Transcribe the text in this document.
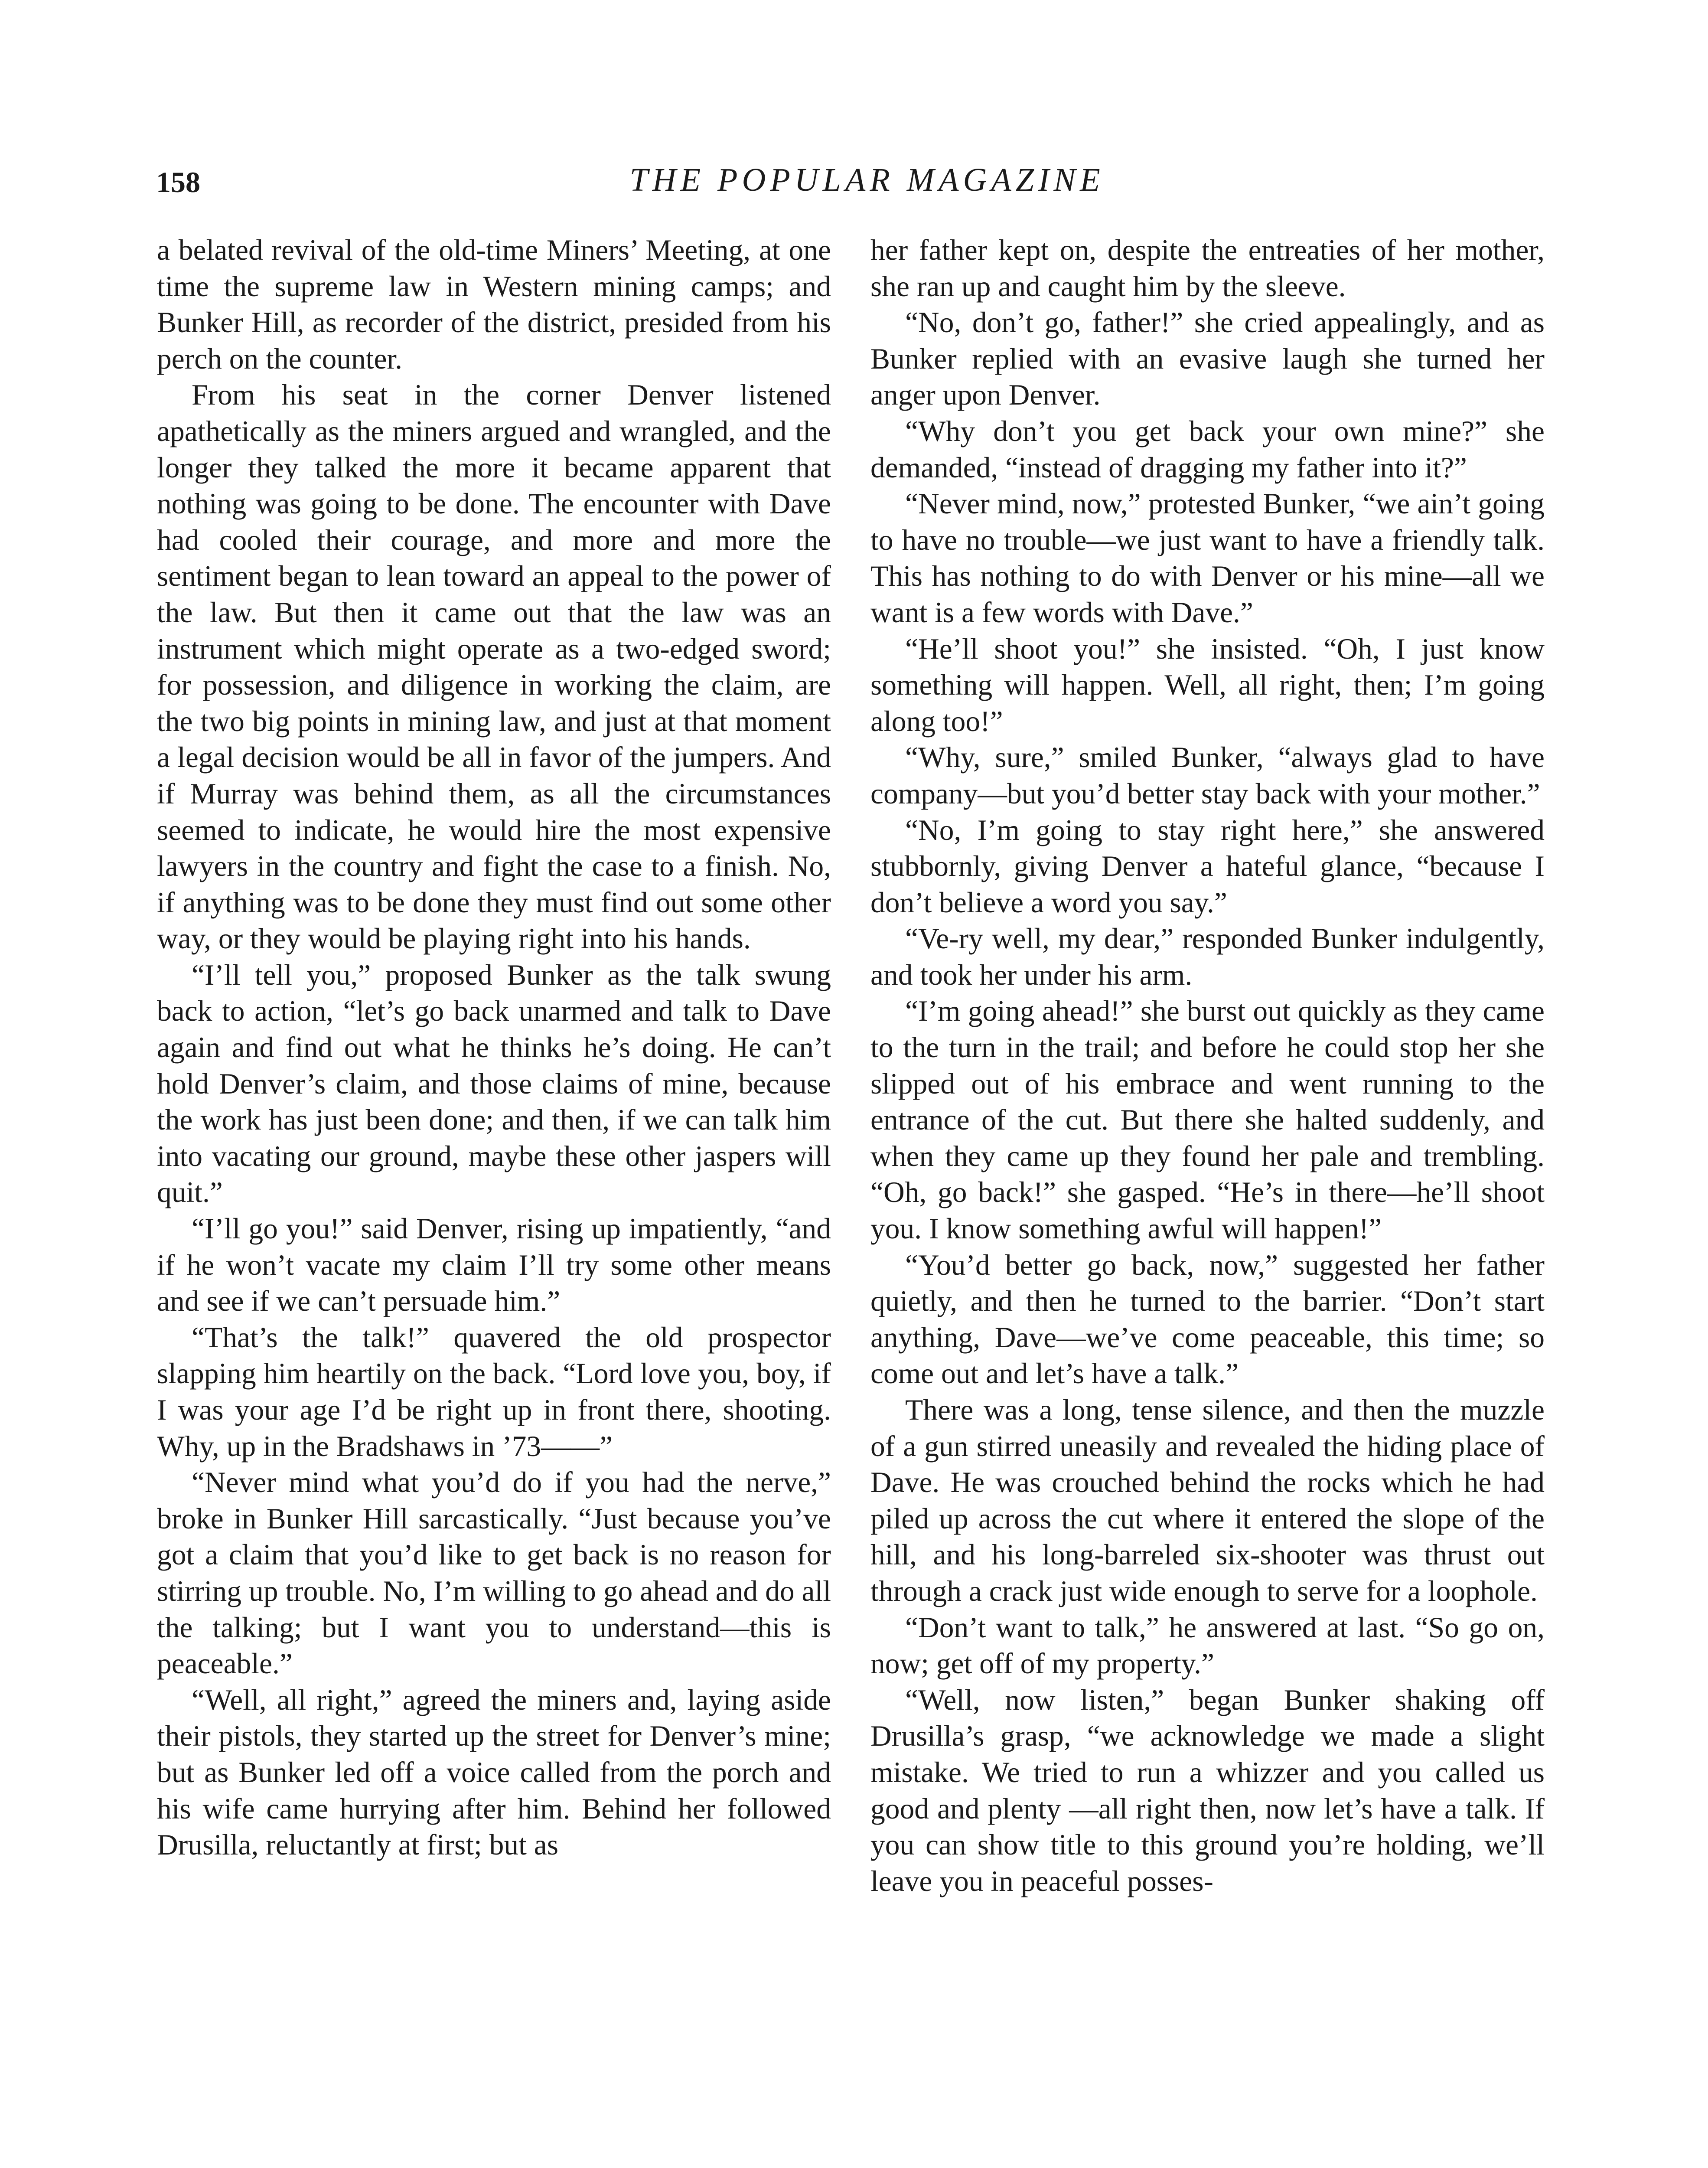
158	THE POPULAR MAGAZINE

a belated revival of the old-time Miners’ Meeting, at one time the supreme law in Western mining camps; and Bunker Hill, as recorder of the district, presided from his perch on the counter.

From his seat in the corner Denver listened apathetically as the miners argued and wrangled, and the longer they talked the more it became apparent that nothing was going to be done. The encounter with Dave had cooled their courage, and more and more the sentiment began to lean toward an appeal to the power of the law. But then it came out that the law was an instrument which might operate as a two-edged sword; for possession, and diligence in working the claim, are the two big points in mining law, and just at that moment a legal decision would be all in favor of the jumpers. And if Murray was behind them, as all the circumstances seemed to indicate, he would hire the most expensive lawyers in the country and fight the case to a finish. No, if anything was to be done they must find out some other way, or they would be playing right into his hands.

“I’ll tell you,” proposed Bunker as the talk swung back to action, “let’s go back unarmed and talk to Dave again and find out what he thinks he’s doing. He can’t hold Denver’s claim, and those claims of mine, because the work has just been done; and then, if we can talk him into vacating our ground, maybe these other jaspers will quit.”

“I’ll go you!” said Denver, rising up impatiently, “and if he won’t vacate my claim I’ll try some other means and see if we can’t persuade him.”

“That’s the talk!” quavered the old prospector slapping him heartily on the back. “Lord love you, boy, if I was your age I’d be right up in front there, shooting. Why, up in the Bradshaws in ’73——”

“Never mind what you’d do if you had the nerve,” broke in Bunker Hill sarcastically. “Just because you’ve got a claim that you’d like to get back is no reason for stirring up trouble. No, I’m willing to go ahead and do all the talking; but I want you to understand—this is peaceable.”

“Well, all right,” agreed the miners and, laying aside their pistols, they started up the street for Denver’s mine; but as Bunker led off a voice called from the porch and his wife came hurrying after him. Behind her followed Drusilla, reluctantly at first; but as

her father kept on, despite the entreaties of her mother, she ran up and caught him by the sleeve.

“No, don’t go, father!” she cried appealingly, and as Bunker replied with an evasive laugh she turned her anger upon Denver.

“Why don’t you get back your own mine?” she demanded, “instead of dragging my father into it?”

“Never mind, now,” protested Bunker, “we ain’t going to have no trouble—we just want to have a friendly talk. This has nothing to do with Denver or his mine—all we want is a few words with Dave.”

“He’ll shoot you!” she insisted. “Oh, I just know something will happen. Well, all right, then; I’m going along too!”

“Why, sure,” smiled Bunker, “always glad to have company—but you’d better stay back with your mother.”

“No, I’m going to stay right here,” she answered stubbornly, giving Denver a hateful glance, “because I don’t believe a word you say.”

“Ve-ry well, my dear,” responded Bunker indulgently, and took her under his arm.

“I’m going ahead!” she burst out quickly as they came to the turn in the trail; and before he could stop her she slipped out of his embrace and went running to the entrance of the cut. But there she halted suddenly, and when they came up they found her pale and trembling. “Oh, go back!” she gasped. “He’s in there—he’ll shoot you. I know something awful will happen!”

“You’d better go back, now,” suggested her father quietly, and then he turned to the barrier. “Don’t start anything, Dave—we’ve come peaceable, this time; so come out and let’s have a talk.”

There was a long, tense silence, and then the muzzle of a gun stirred uneasily and revealed the hiding place of Dave. He was crouched behind the rocks which he had piled up across the cut where it entered the slope of the hill, and his long-barreled six-shooter was thrust out through a crack just wide enough to serve for a loophole.

“Don’t want to talk,” he answered at last. “So go on, now; get off of my property.”

“Well, now listen,” began Bunker shaking off Drusilla’s grasp, “we acknowledge we made a slight mistake. We tried to run a whizzer and you called us good and plenty —all right then, now let’s have a talk. If you can show title to this ground you’re holding, we’ll leave you in peaceful posses-
